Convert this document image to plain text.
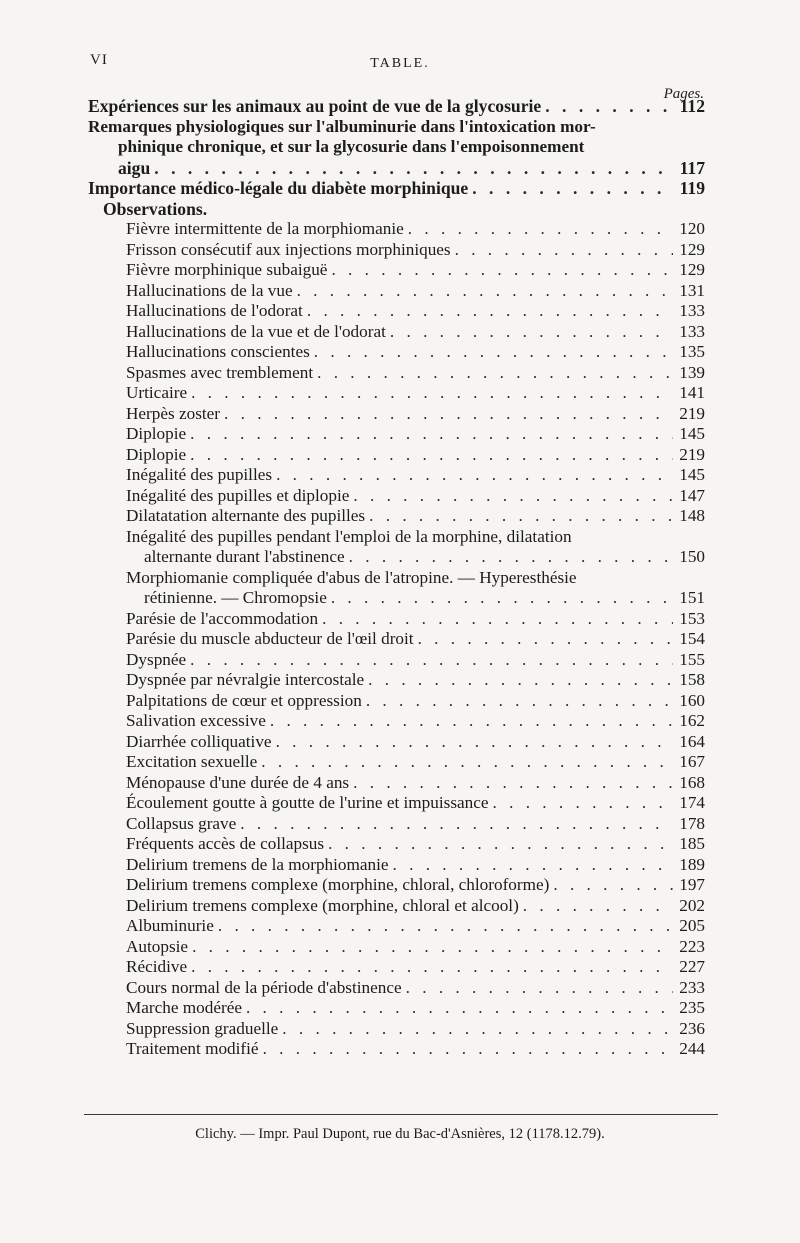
VI	TABLE.
Pages.
Expériences sur les animaux au point de vue de la glycosurie . . .	112
Remarques physiologiques sur l'albuminurie dans l'intoxication mor-
phinique chronique, et sur la glycosurie dans l'empoisonnement
aigu . . .	117
Importance médico-légale du diabète morphinique . . .	119
Observations.
Fièvre intermittente de la morphiomanie . . .	120
Frisson consécutif aux injections morphiniques . . .	129
Fièvre morphinique subaiguë . . .	129
Hallucinations de la vue . . .	131
Hallucinations de l'odorat . . .	133
Hallucinations de la vue et de l'odorat . . .	133
Hallucinations conscientes . . .	135
Spasmes avec tremblement . . .	139
Urticaire . . .	141
Herpès zoster . . .	219
Diplopie . . .	145
Diplopie . . .	219
Inégalité des pupilles . . .	145
Inégalité des pupilles et diplopie . . .	147
Dilatatation alternante des pupilles . . .	148
Inégalité des pupilles pendant l'emploi de la morphine, dilatation
alternante durant l'abstinence . . .	150
Morphiomanie compliquée d'abus de l'atropine. — Hyperesthésie
rétinienne. — Chromopsie . . .	151
Parésie de l'accommodation . . .	153
Parésie du muscle abducteur de l'œil droit . . .	154
Dyspnée . . .	155
Dyspnée par névralgie intercostale . . .	158
Palpitations de cœur et oppression . . .	160
Salivation excessive . . .	162
Diarrhée colliquative . . .	164
Excitation sexuelle . . .	167
Ménopause d'une durée de 4 ans . . .	168
Écoulement goutte à goutte de l'urine et impuissance . . .	174
Collapsus grave . . .	178
Fréquents accès de collapsus . . .	185
Delirium tremens de la morphiomanie . . .	189
Delirium tremens complexe (morphine, chloral, chloroforme) . . .	197
Delirium tremens complexe (morphine, chloral et alcool) . . .	202
Albuminurie . . .	205
Autopsie . . .	223
Récidive . . .	227
Cours normal de la période d'abstinence . . .	233
Marche modérée . . .	235
Suppression graduelle . . .	236
Traitement modifié . . .	244
Clichy. — Impr. Paul Dupont, rue du Bac-d'Asnières, 12 (1178.12.79).
